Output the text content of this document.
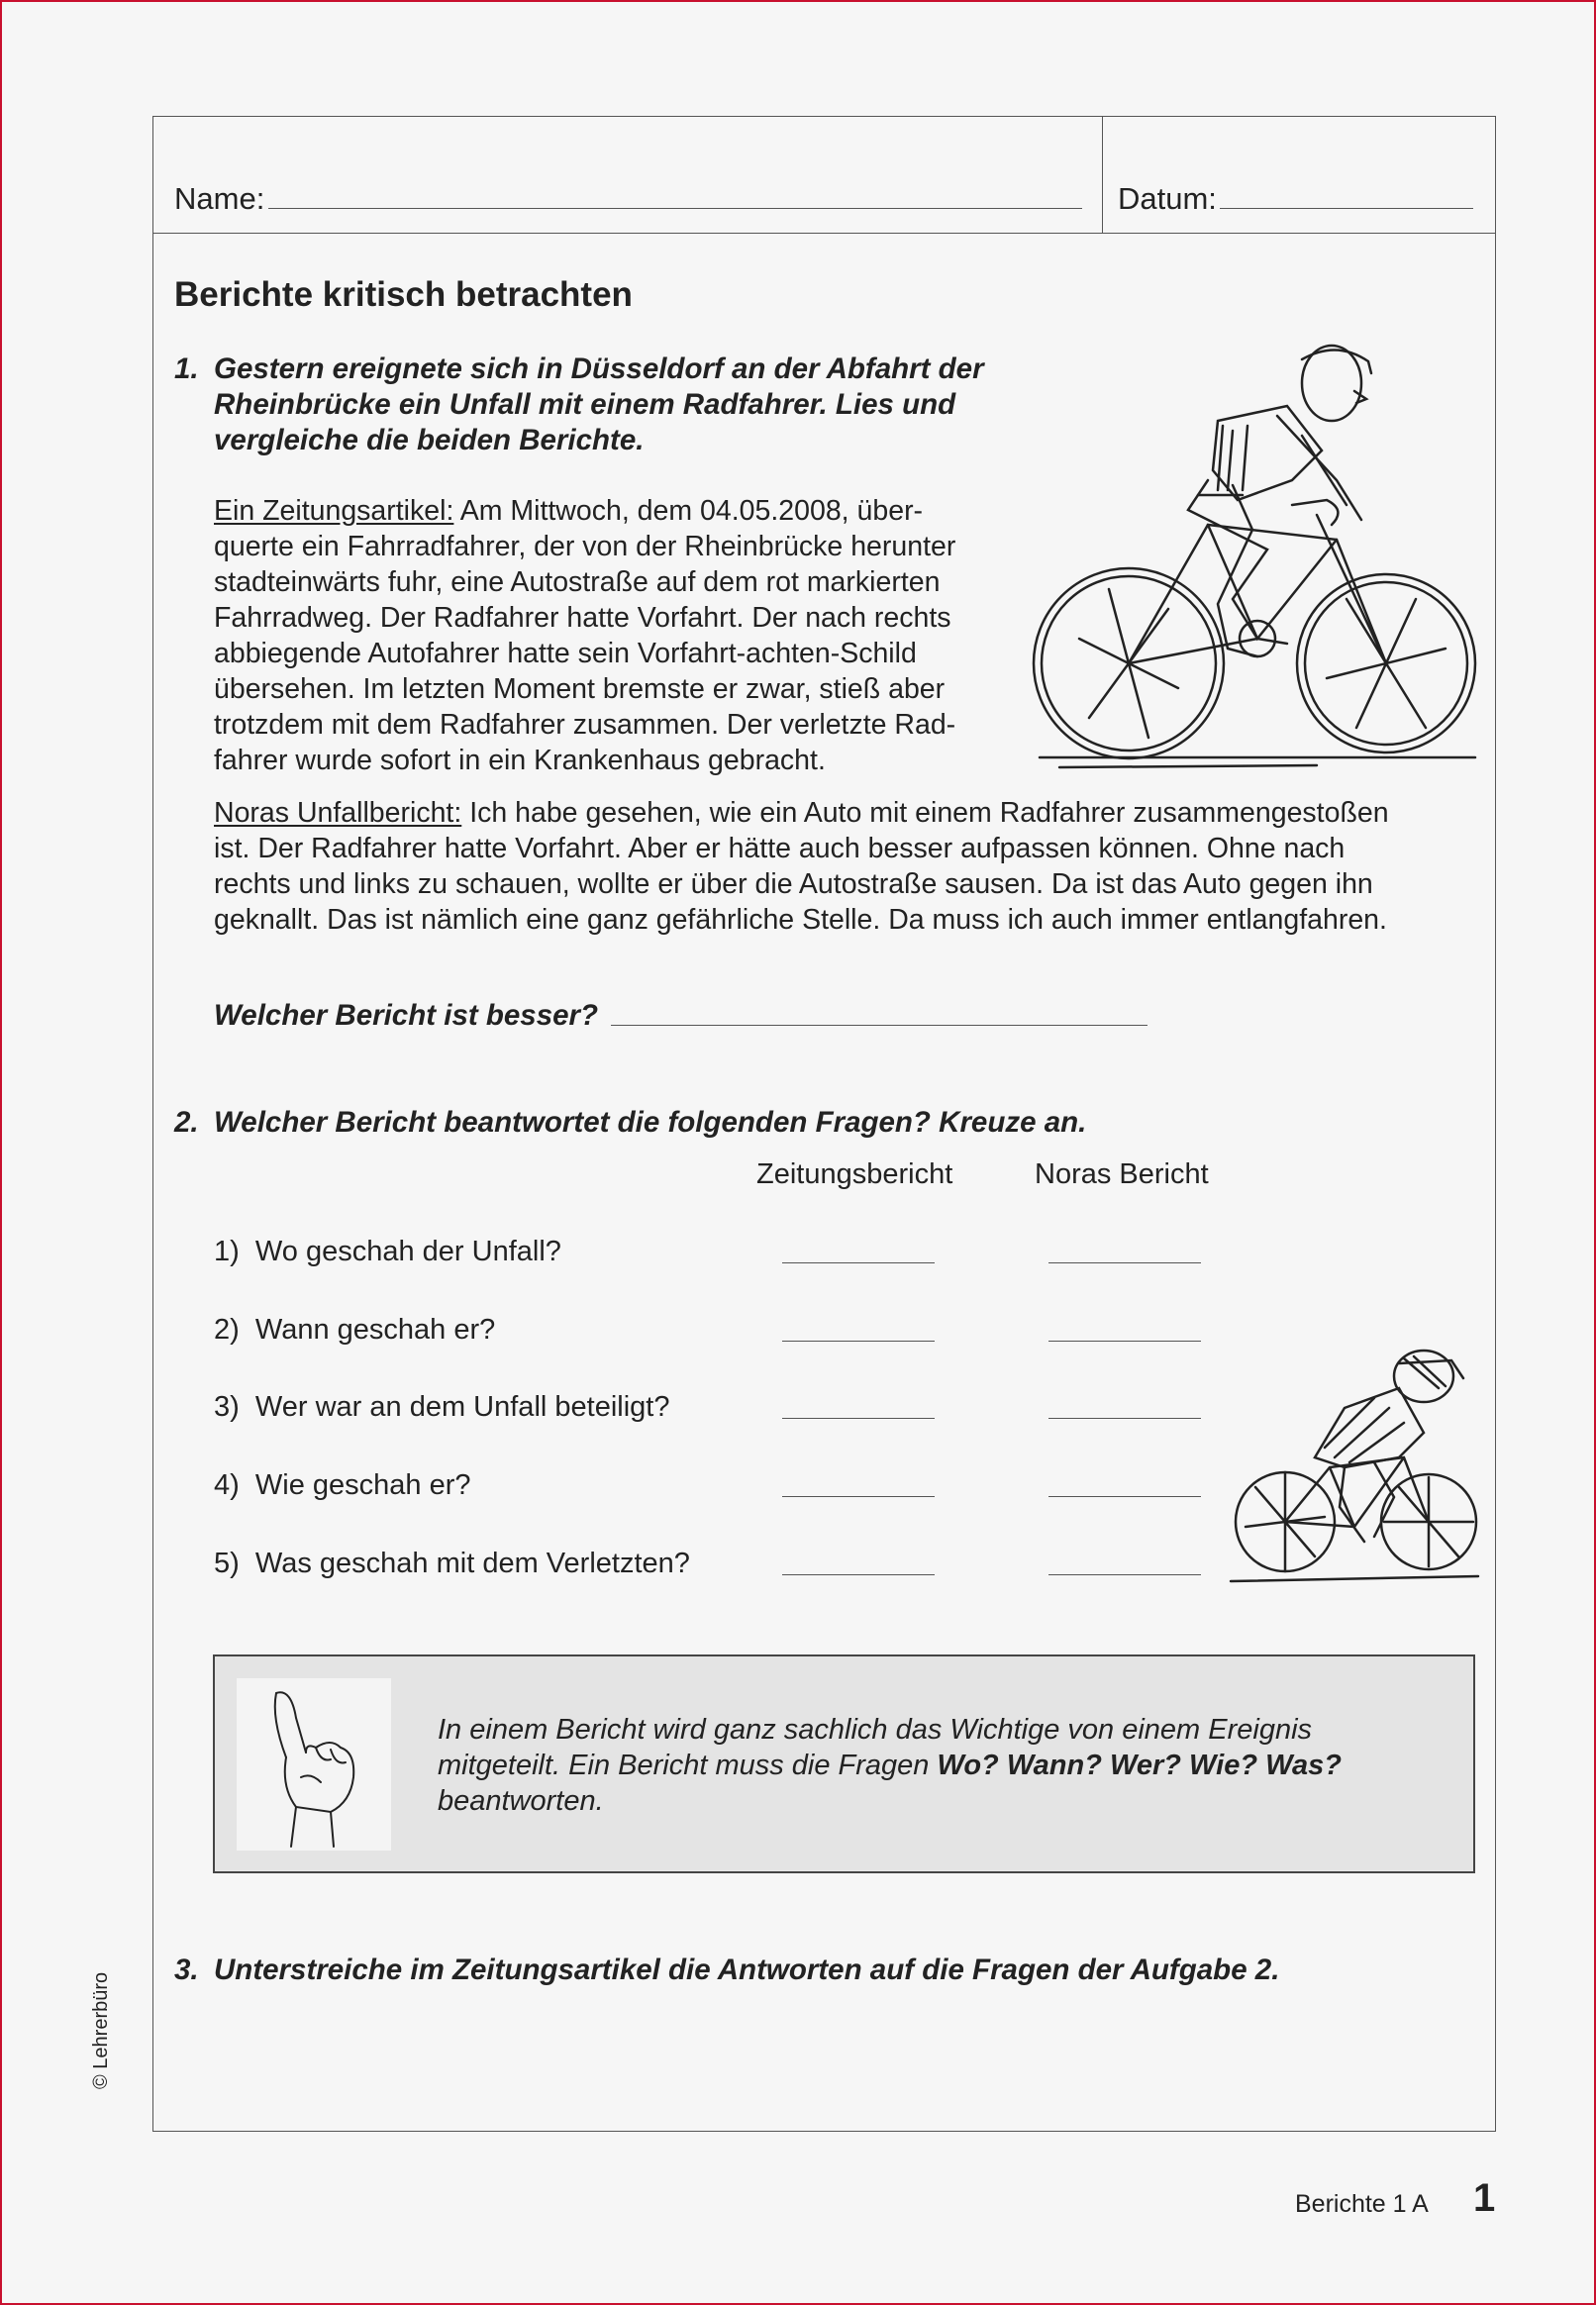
Name:	Datum:
Berichte kritisch betrachten
1. Gestern ereignete sich in Düsseldorf an der Abfahrt der
Rheinbrücke ein Unfall mit einem Radfahrer. Lies und
vergleiche die beiden Berichte.
Ein Zeitungsartikel: Am Mittwoch, dem 04.05.2008, über-
querte ein Fahrradfahrer, der von der Rheinbrücke herunter
stadteinwärts fuhr, eine Autostraße auf dem rot markierten
Fahrradweg. Der Radfahrer hatte Vorfahrt. Der nach rechts
abbiegende Autofahrer hatte sein Vorfahrt-achten-Schild
übersehen. Im letzten Moment bremste er zwar, stieß aber
trotzdem mit dem Radfahrer zusammen. Der verletzte Rad-
fahrer wurde sofort in ein Krankenhaus gebracht.
Noras Unfallbericht: Ich habe gesehen, wie ein Auto mit einem Radfahrer zusammengestoßen
ist. Der Radfahrer hatte Vorfahrt. Aber er hätte auch besser aufpassen können. Ohne nach
rechts und links zu schauen, wollte er über die Autostraße sausen. Da ist das Auto gegen ihn
geknallt. Das ist nämlich eine ganz gefährliche Stelle. Da muss ich auch immer entlangfahren.
Welcher Bericht ist besser?
2. Welcher Bericht beantwortet die folgenden Fragen? Kreuze an.
Zeitungsbericht	Noras Bericht
1) Wo geschah der Unfall?
2) Wann geschah er?
3) Wer war an dem Unfall beteiligt?
4) Wie geschah er?
5) Was geschah mit dem Verletzten?
In einem Bericht wird ganz sachlich das Wichtige von einem Ereignis
mitgeteilt. Ein Bericht muss die Fragen Wo? Wann? Wer? Wie? Was?
beantworten.
3. Unterstreiche im Zeitungsartikel die Antworten auf die Fragen der Aufgabe 2.
© Lehrerbüro
Berichte 1 A 1
